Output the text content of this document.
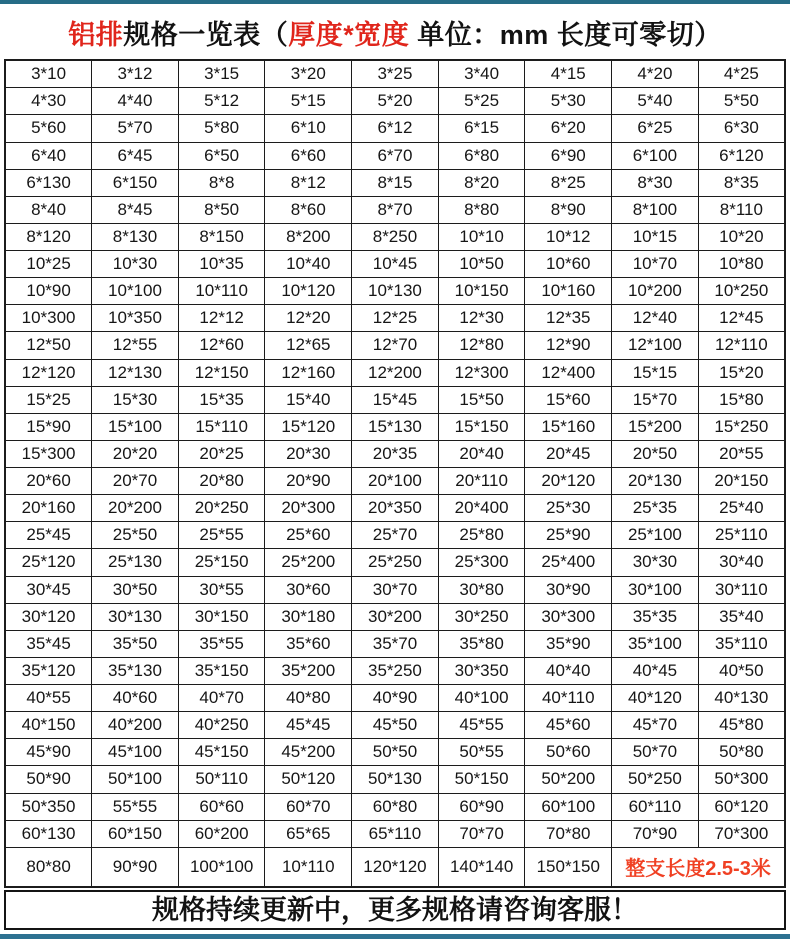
铝排规格一览表（厚度*宽度 单位：mm 长度可零切）
3*10	3*12	3*15	3*20	3*25	3*40	4*15	4*20	4*25
4*30	4*40	5*12	5*15	5*20	5*25	5*30	5*40	5*50
5*60	5*70	5*80	6*10	6*12	6*15	6*20	6*25	6*30
6*40	6*45	6*50	6*60	6*70	6*80	6*90	6*100	6*120
6*130	6*150	8*8	8*12	8*15	8*20	8*25	8*30	8*35
8*40	8*45	8*50	8*60	8*70	8*80	8*90	8*100	8*110
8*120	8*130	8*150	8*200	8*250	10*10	10*12	10*15	10*20
10*25	10*30	10*35	10*40	10*45	10*50	10*60	10*70	10*80
10*90	10*100	10*110	10*120	10*130	10*150	10*160	10*200	10*250
10*300	10*350	12*12	12*20	12*25	12*30	12*35	12*40	12*45
12*50	12*55	12*60	12*65	12*70	12*80	12*90	12*100	12*110
12*120	12*130	12*150	12*160	12*200	12*300	12*400	15*15	15*20
15*25	15*30	15*35	15*40	15*45	15*50	15*60	15*70	15*80
15*90	15*100	15*110	15*120	15*130	15*150	15*160	15*200	15*250
15*300	20*20	20*25	20*30	20*35	20*40	20*45	20*50	20*55
20*60	20*70	20*80	20*90	20*100	20*110	20*120	20*130	20*150
20*160	20*200	20*250	20*300	20*350	20*400	25*30	25*35	25*40
25*45	25*50	25*55	25*60	25*70	25*80	25*90	25*100	25*110
25*120	25*130	25*150	25*200	25*250	25*300	25*400	30*30	30*40
30*45	30*50	30*55	30*60	30*70	30*80	30*90	30*100	30*110
30*120	30*130	30*150	30*180	30*200	30*250	30*300	35*35	35*40
35*45	35*50	35*55	35*60	35*70	35*80	35*90	35*100	35*110
35*120	35*130	35*150	35*200	35*250	30*350	40*40	40*45	40*50
40*55	40*60	40*70	40*80	40*90	40*100	40*110	40*120	40*130
40*150	40*200	40*250	45*45	45*50	45*55	45*60	45*70	45*80
45*90	45*100	45*150	45*200	50*50	50*55	50*60	50*70	50*80
50*90	50*100	50*110	50*120	50*130	50*150	50*200	50*250	50*300
50*350	55*55	60*60	60*70	60*80	60*90	60*100	60*110	60*120
60*130	60*150	60*200	65*65	65*110	70*70	70*80	70*90	70*300
80*80	90*90	100*100	10*110	120*120	140*140	150*150	整支长度2.5-3米	
规格持续更新中，更多规格请咨询客服！
